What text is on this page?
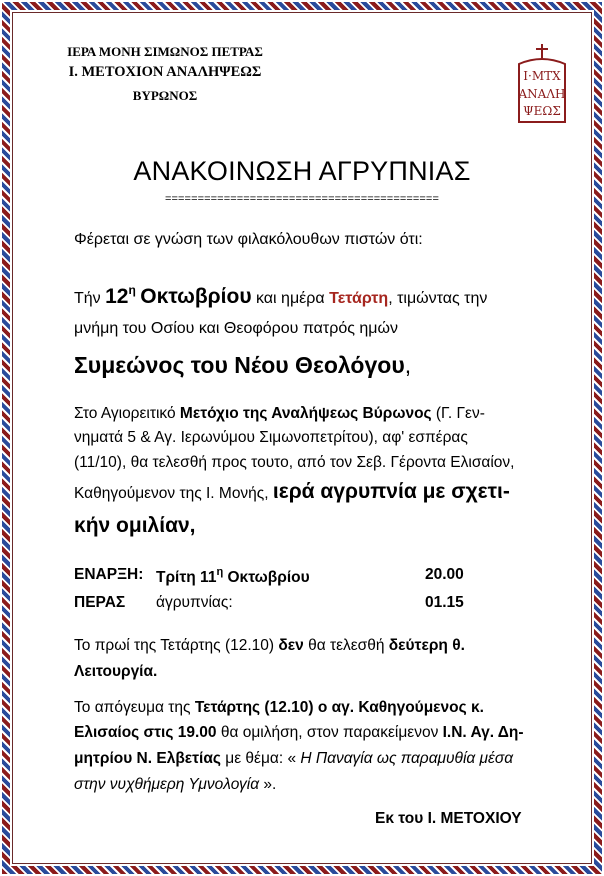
ΙΕΡΑ ΜΟΝΗ ΣΙΜΩΝΟΣ ΠΕΤΡΑΣ
Ι. ΜΕΤΟΧΙΟΝ ΑΝΑΛΗΨΕΩΣ
ΒΥΡΩΝΟΣ
Ι·ΜΤΧ
ΑΝΑΛΗ
ΨΕΩΣ
ΑΝΑΚΟΙΝΩΣΗ ΑΓΡΥΠΝΙΑΣ
==========================================
Φέρεται σε γνώση των φιλακόλουθων πιστών ότι:
Τήν $12^\eta$ Οκτωβρίου και ημέρα Τετάρτη, τιμώντας την
μνήμη του Οσίου και Θεοφόρου πατρός ημών
Συμεώνος του Νέου Θεολόγου,
Στο Αγιορειτικό Μετόχιο της Αναλήψεως Βύρωνος (Γ. Γεν-
νηματά 5 & Αγ. Ιερωνύμου Σιμωνοπετρίτου), αφ' εσπέρας
(11/10), θα τελεσθή προς τουτο, από τον Σεβ. Γέροντα Ελισαίον,
Καθηγούμενον της Ι. Μονής, ιερά αγρυπνία με σχετι-
κήν ομιλίαν,
ΕΝΑΡΞΗ: Τρίτη $11^\eta$ Οκτωβρίου	20.00
ΠΕΡΑΣ άγρυπνίας:	01.15
Το πρωί της Τετάρτης (12.10) δεν θα τελεσθή δεύτερη θ.
Λειτουργία.
Το απόγευμα της Τετάρτης (12.10) ο αγ. Καθηγούμενος κ.
Ελισαίος στις 19.00 θα ομιλήση, στον παρακείμενον Ι.Ν. Αγ. Δη-
μητρίου Ν. Ελβετίας με θέμα: « Η Παναγία ως παραμυθία μέσα
στην νυχθήμερη Υμνολογία ».
Εκ του Ι. ΜΕΤΟΧΙΟΥ
